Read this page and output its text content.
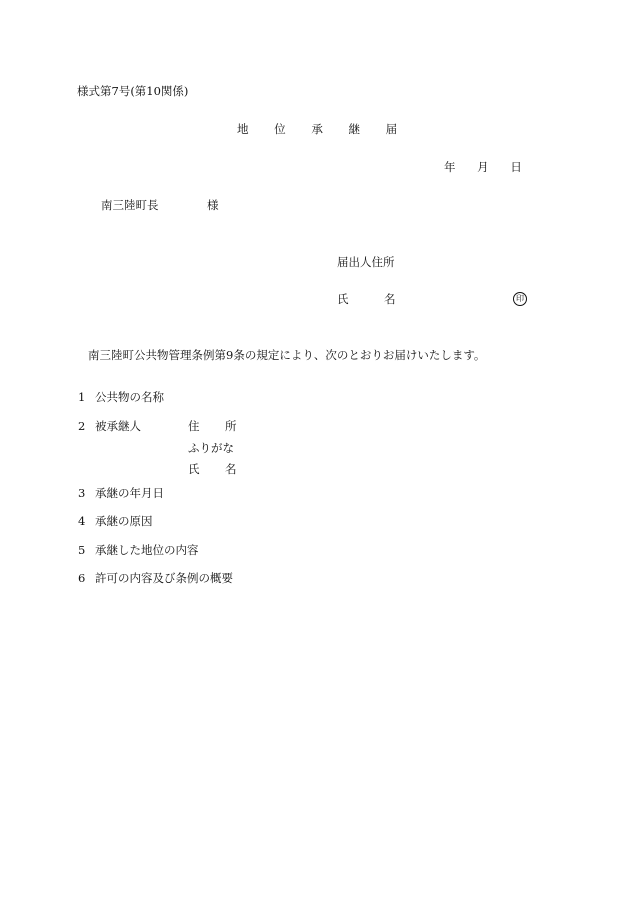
様式第7号(第10関係)
地 位 承 継 届
年 月 日
南三陸町長	様
届出人住所
氏	名	印
南三陸町公共物管理条例第9条の規定により、次のとおりお届けいたします。
1 公共物の名称
2 被承継人	住 所
ふりがな
氏 名
3 承継の年月日
4 承継の原因
5 承継した地位の内容
6 許可の内容及び条例の概要
